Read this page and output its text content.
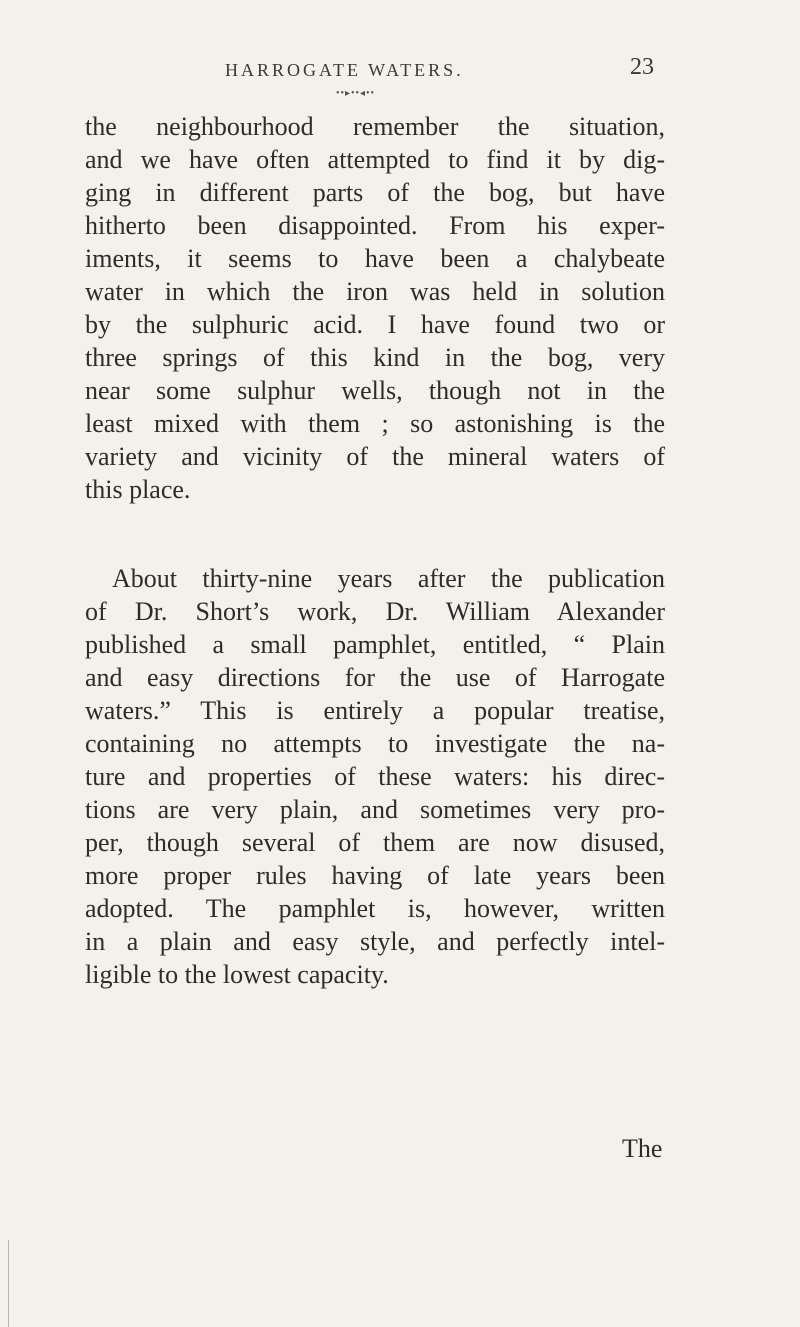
HARROGATE WATERS.	23
••▸••◂••
the neighbourhood remember the situation,
and we have often attempted to find it by dig-
ging in different parts of the bog, but have
hitherto been disappointed. From his exper-
iments, it seems to have been a chalybeate
water in which the iron was held in solution
by the sulphuric acid. I have found two or
three springs of this kind in the bog, very
near some sulphur wells, though not in the
least mixed with them ; so astonishing is the
variety and vicinity of the mineral waters of
this place.
About thirty-nine years after the publication
of Dr. Short’s work, Dr. William Alexander
published a small pamphlet, entitled, “ Plain
and easy directions for the use of Harrogate
waters.” This is entirely a popular treatise,
containing no attempts to investigate the na-
ture and properties of these waters: his direc-
tions are very plain, and sometimes very pro-
per, though several of them are now disused,
more proper rules having of late years been
adopted. The pamphlet is, however, written
in a plain and easy style, and perfectly intel-
ligible to the lowest capacity.
The
